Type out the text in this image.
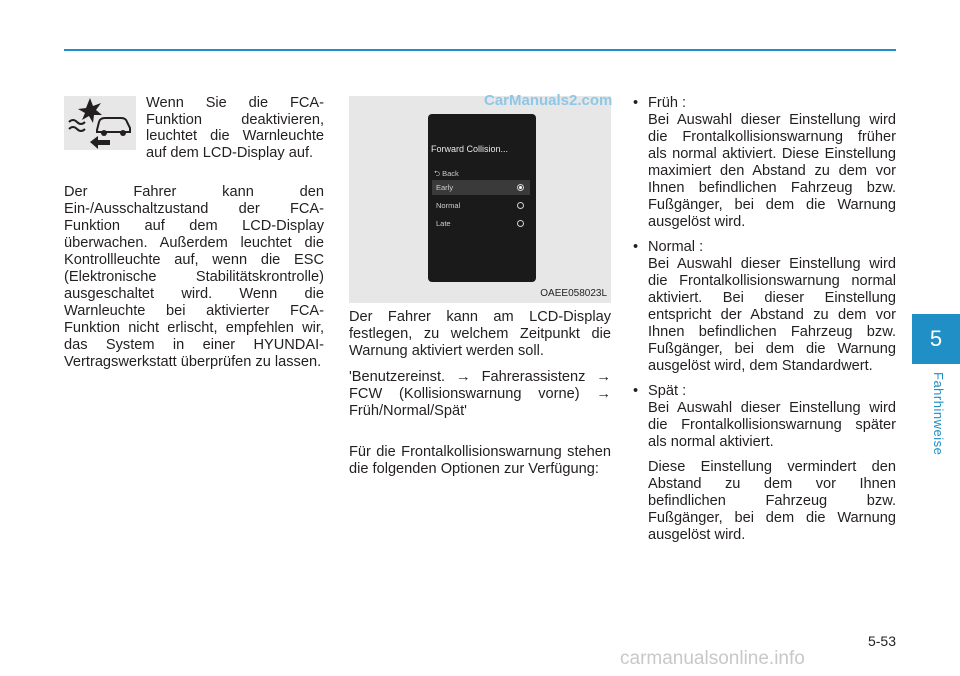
5
Fahrhinweise

Wenn Sie die FCA-Funktion deaktivieren, leuchtet die Warnleuchte auf dem LCD-Display auf.

Der Fahrer kann den Ein-/Ausschaltzustand der FCA-Funktion auf dem LCD-Display überwachen. Außerdem leuchtet die Kontrollleuchte auf, wenn die ESC (Elektronische Stabilitätskrontrolle) ausgeschaltet wird. Wenn die Warnleuchte bei aktivierter FCA-Funktion nicht erlischt, empfehlen wir, das System in einer HYUNDAI-Vertragswerkstatt überprüfen zu lassen.

Forward Collision...
⮌ Back
Early
Normal
Late
OAEE058023L
CarManuals2.com

Der Fahrer kann am LCD-Display festlegen, zu welchem Zeitpunkt die Warnung aktiviert werden soll.

'Benutzereinst. → Fahrerassistenz → FCW (Kollisionswarnung vorne) → Früh/Normal/Spät'

Für die Frontalkollisionswarnung stehen die folgenden Optionen zur Verfügung:

• Früh :

Bei Auswahl dieser Einstellung wird die Frontalkollisionswarnung früher als normal aktiviert. Diese Einstellung maximiert den Abstand zu dem vor Ihnen befindlichen Fahrzeug bzw. Fußgänger, bei dem die Warnung ausgelöst wird.

• Normal :

Bei Auswahl dieser Einstellung wird die Frontalkollisionswarnung normal aktiviert. Bei dieser Einstellung entspricht der Abstand zu dem vor Ihnen befindlichen Fahrzeug bzw. Fußgänger, bei dem die Warnung ausgelöst wird, dem Standardwert.

• Spät :

Bei Auswahl dieser Einstellung wird die Frontalkollisionswarnung später als normal aktiviert.

Diese Einstellung vermindert den Abstand zu dem vor Ihnen befindlichen Fahrzeug bzw. Fußgänger, bei dem die Warnung ausgelöst wird.

5-53
carmanualsonline.info
